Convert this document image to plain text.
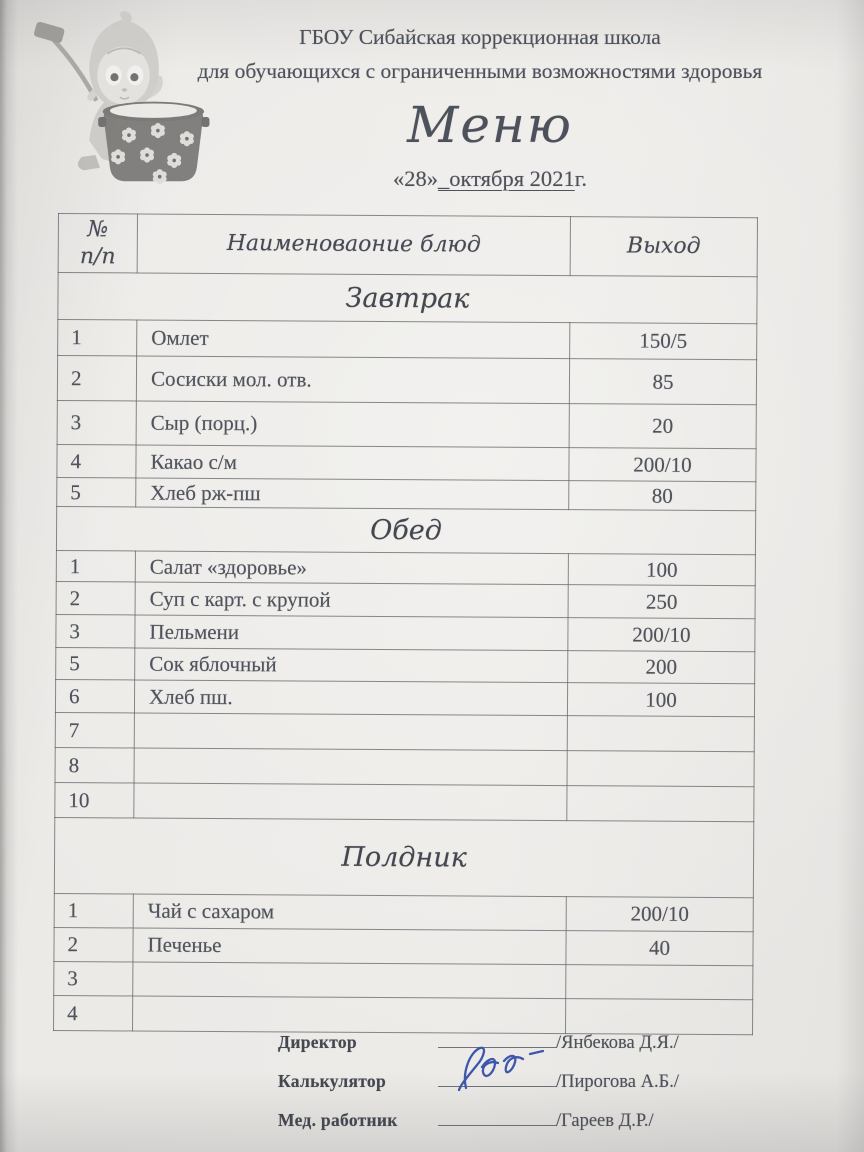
ГБОУ Сибайская коррекционная школа
для обучающихся с ограниченными возможностями здоровья
Меню
«28»_октября 2021г.
№
п/п	Наименоваоние блюд	Выход
Завтрак		
1	Омлет	150/5
2	Сосиски мол. отв.	85
3	Сыр (порц.)	20
4	Какао с/м	200/10
5	Хлеб рж-пш	80
Обед		
1	Салат «здоровье»	100
2	Суп с карт. с крупой	250
3	Пельмени	200/10
5	Сок яблочный	200
6	Хлеб пш.	100
7		
8		
10		
Полдник		
1	Чай с сахаром	200/10
2	Печенье	40
3		
4		
Директор	/Янбекова Д.Я./
Калькулятор	/Пирогова А.Б./
Мед. работник	/Гареев Д.Р./
